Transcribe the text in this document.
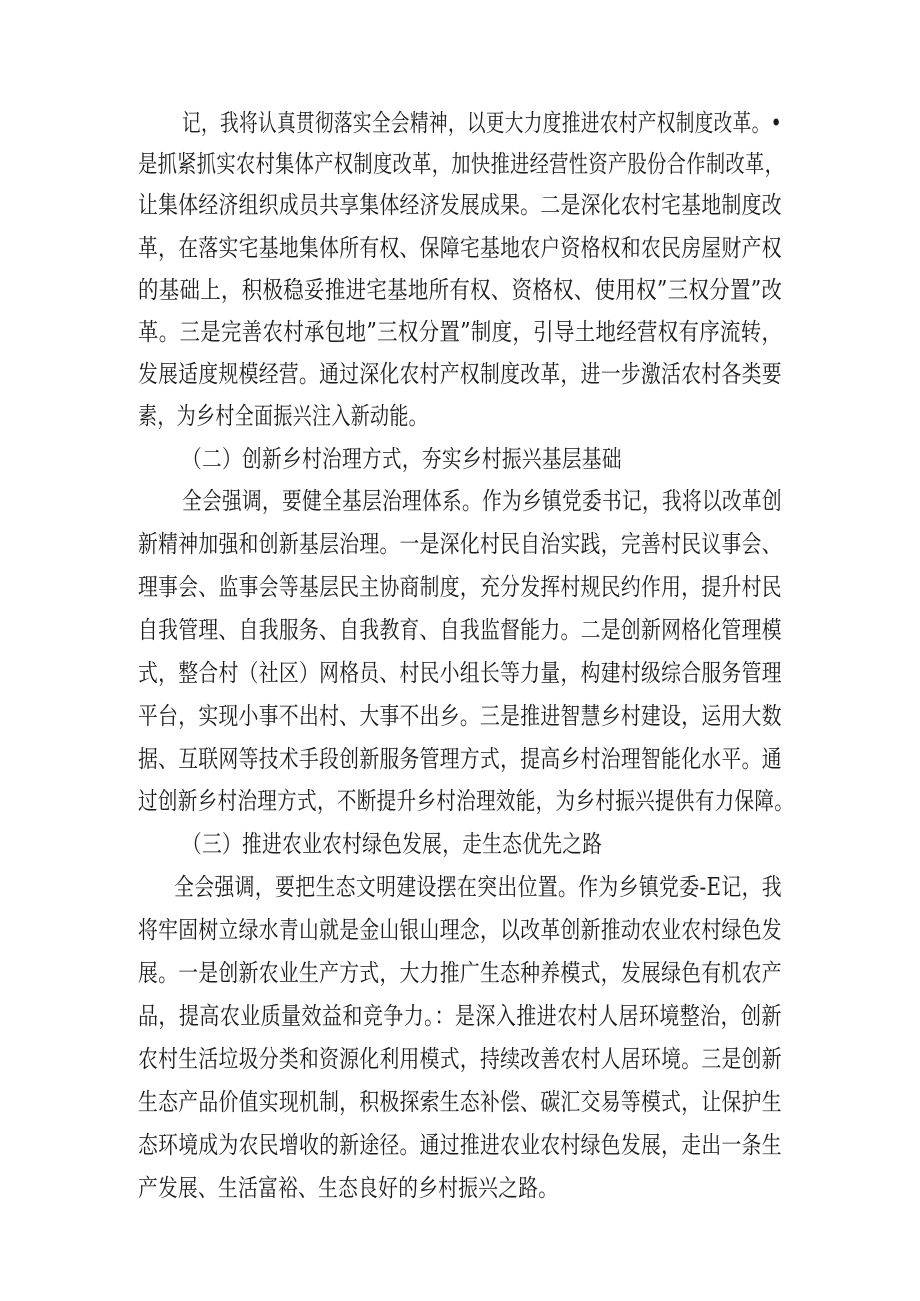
记，我将认真贯彻落实全会精神，以更大力度推进农村产权制度改革。•
是抓紧抓实农村集体产权制度改革，加快推进经营性资产股份合作制改革，
让集体经济组织成员共享集体经济发展成果。二是深化农村宅基地制度改
革，在落实宅基地集体所有权、保障宅基地农户资格权和农民房屋财产权
的基础上，积极稳妥推进宅基地所有权、资格权、使用权”三权分置”改
革。三是完善农村承包地”三权分置”制度，引导土地经营权有序流转，
发展适度规模经营。通过深化农村产权制度改革，进一步激活农村各类要
素，为乡村全面振兴注入新动能。
（二）创新乡村治理方式，夯实乡村振兴基层基础
全会强调，要健全基层治理体系。作为乡镇党委书记，我将以改革创
新精神加强和创新基层治理。一是深化村民自治实践，完善村民议事会、
理事会、监事会等基层民主协商制度，充分发挥村规民约作用，提升村民
自我管理、自我服务、自我教育、自我监督能力。二是创新网格化管理模
式，整合村（社区）网格员、村民小组长等力量，构建村级综合服务管理
平台，实现小事不出村、大事不出乡。三是推进智慧乡村建设，运用大数
据、互联网等技术手段创新服务管理方式，提高乡村治理智能化水平。通
过创新乡村治理方式，不断提升乡村治理效能，为乡村振兴提供有力保障。
（三）推进农业农村绿色发展，走生态优先之路
全会强调，要把生态文明建设摆在突出位置。作为乡镇党委-E记，我
将牢固树立绿水青山就是金山银山理念，以改革创新推动农业农村绿色发
展。一是创新农业生产方式，大力推广生态种养模式，发展绿色有机农产
品，提高农业质量效益和竞争力。：是深入推进农村人居环境整治，创新
农村生活垃圾分类和资源化利用模式，持续改善农村人居环境。三是创新
生态产品价值实现机制，积极探索生态补偿、碳汇交易等模式，让保护生
态环境成为农民增收的新途径。通过推进农业农村绿色发展，走出一条生
产发展、生活富裕、生态良好的乡村振兴之路。
